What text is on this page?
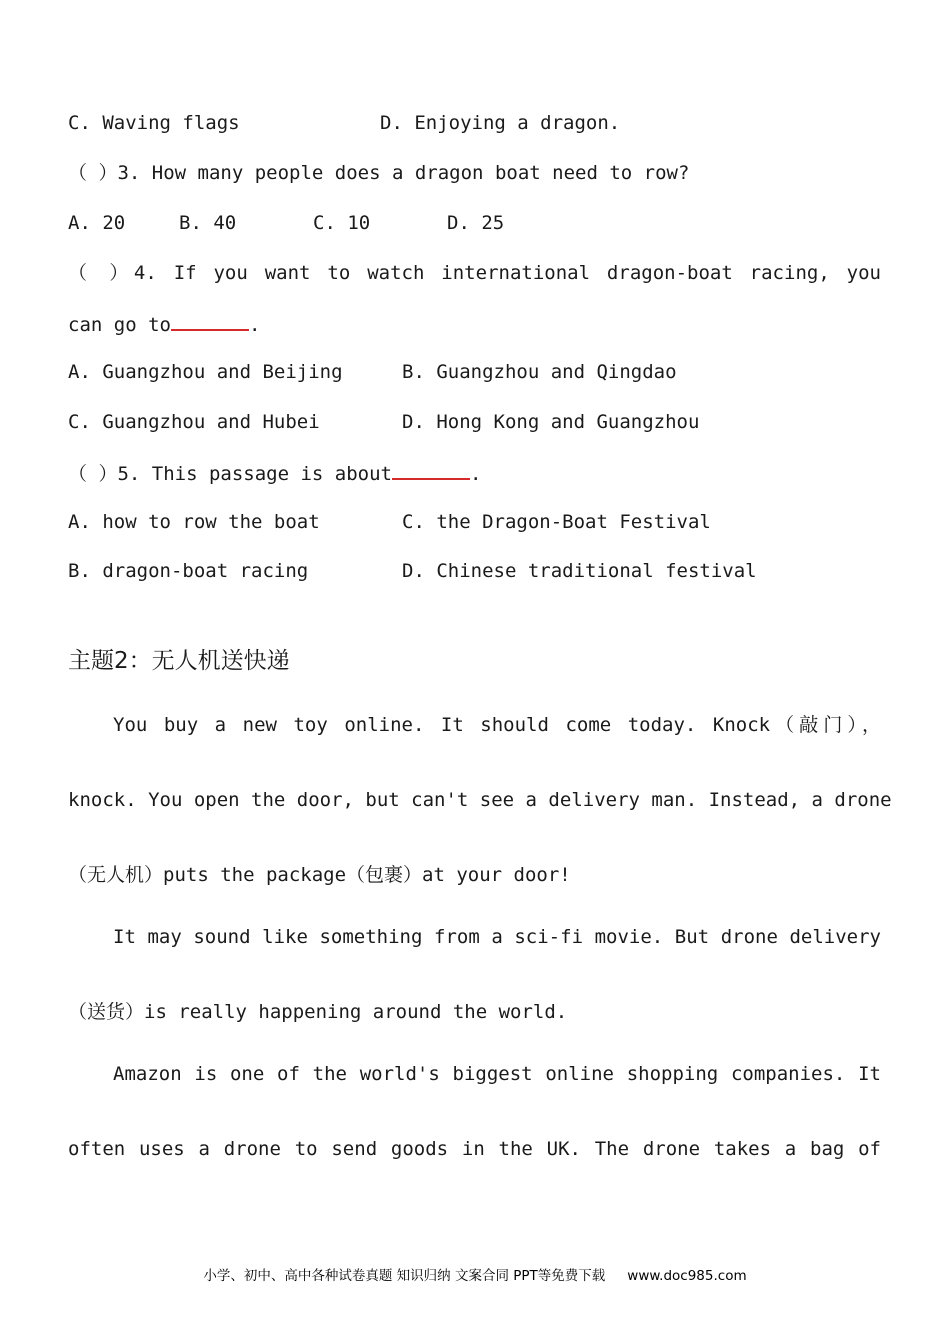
C. Waving flags	D. Enjoying a dragon.
（ ）3. How many people does a dragon boat need to row?
A. 20	B. 40	C. 10	D. 25
（ ）4. If you want to watch international dragon-boat racing, you
can go to	.
A. Guangzhou and Beijing	B. Guangzhou and Qingdao
C. Guangzhou and Hubei	D. Hong Kong and Guangzhou
（ ）5. This passage is about	.
A. how to row the boat	C. the Dragon-Boat Festival
B. dragon-boat racing	D. Chinese traditional festival
主题2：无人机送快递
You buy a new toy online. It should come today. Knock（敲门），
knock. You open the door, but can't see a delivery man. Instead, a drone
（无人机）puts the package（包裹）at your door!
It may sound like something from a sci-fi movie. But drone delivery
（送货）is really happening around the world.
Amazon is one of the world's biggest online shopping companies. It
often uses a drone to send goods in the UK. The drone takes a bag of
小学、初中、高中各种试卷真题 知识归纳 文案合同 PPT等免费下载 www.doc985.com
